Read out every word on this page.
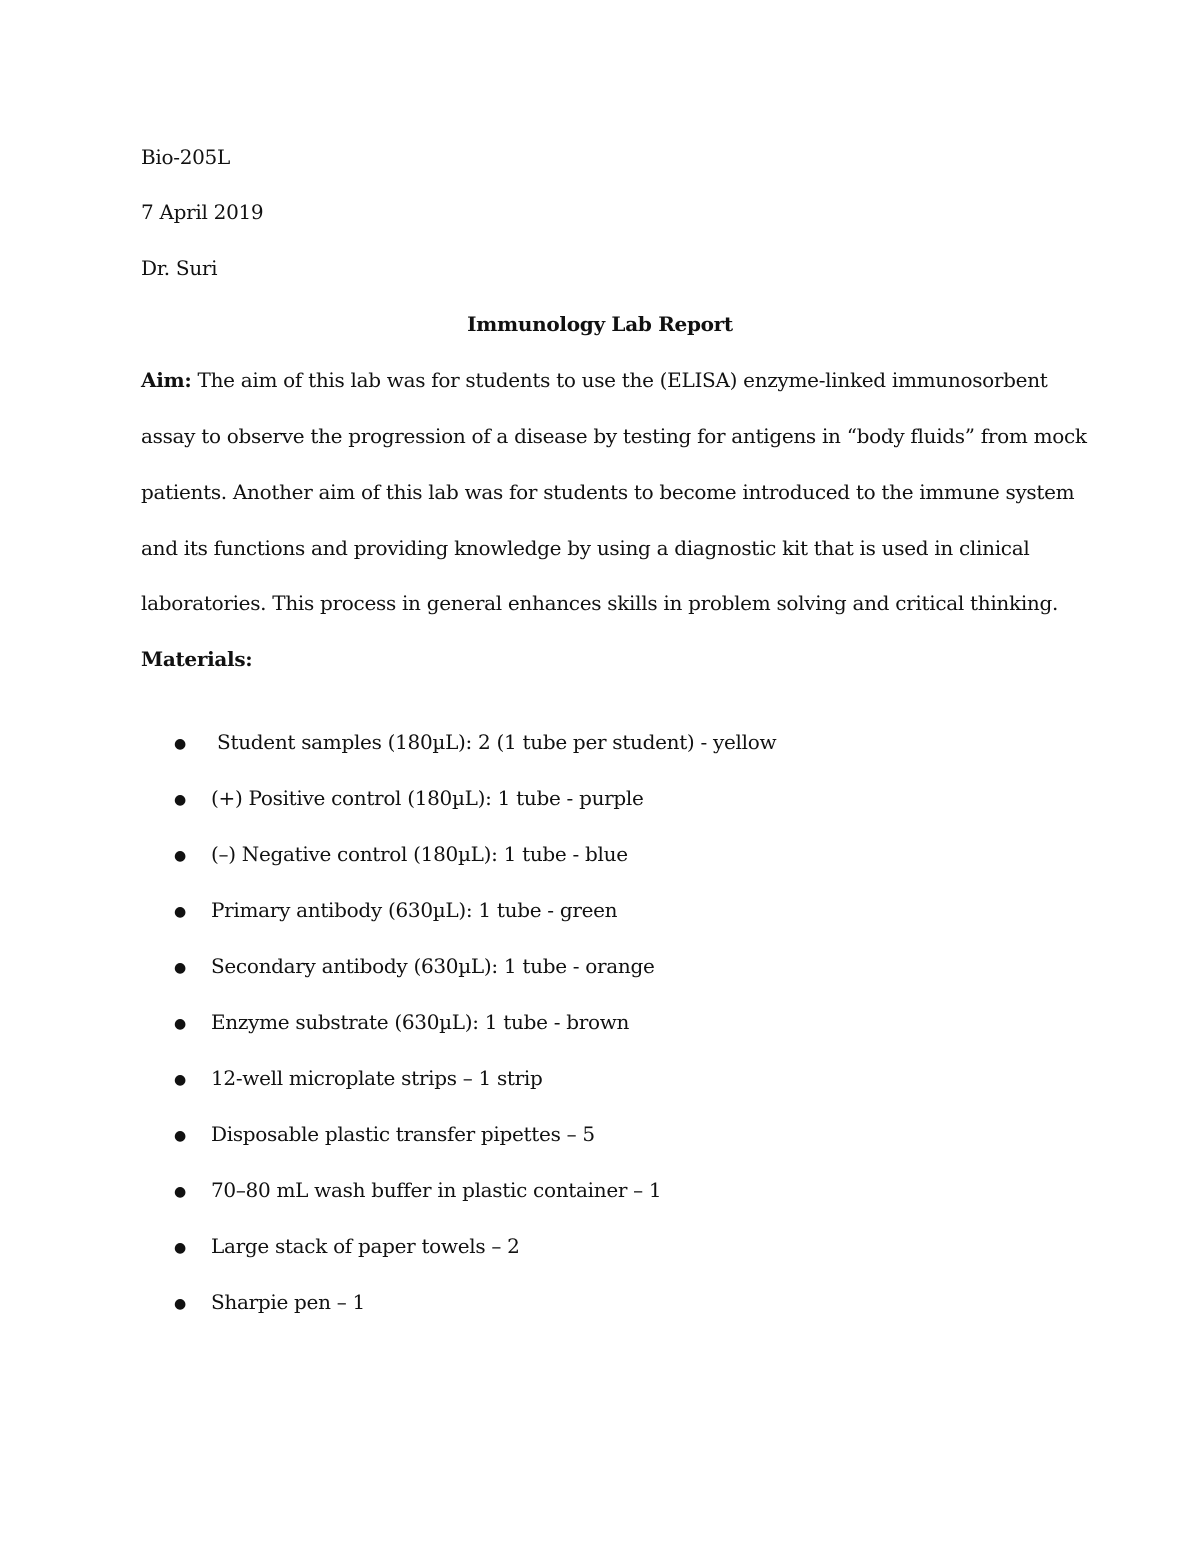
Bio-205L
7 April 2019
Dr. Suri
Immunology Lab Report
Aim: The aim of this lab was for students to use the (ELISA) enzyme-linked immunosorbent
assay to observe the progression of a disease by testing for antigens in “body fluids” from mock
patients. Another aim of this lab was for students to become introduced to the immune system
and its functions and providing knowledge by using a diagnostic kit that is used in clinical
laboratories. This process in general enhances skills in problem solving and critical thinking.
Materials:
● Student samples (180µL): 2 (1 tube per student) - yellow
● (+) Positive control (180µL): 1 tube - purple
● (–) Negative control (180µL): 1 tube - blue
● Primary antibody (630µL): 1 tube - green
● Secondary antibody (630µL): 1 tube - orange
● Enzyme substrate (630µL): 1 tube - brown
● 12-well microplate strips – 1 strip
● Disposable plastic transfer pipettes – 5
● 70–80 mL wash buffer in plastic container – 1
● Large stack of paper towels – 2
● Sharpie pen – 1
